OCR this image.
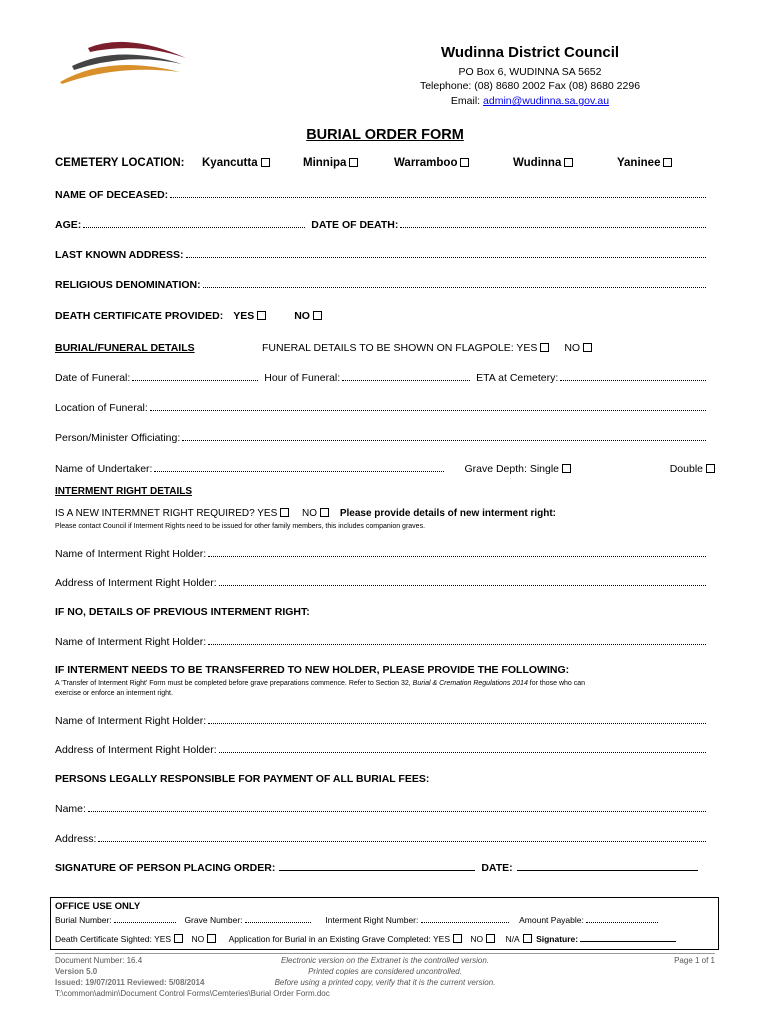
Wudinna District Council
PO Box 6, WUDINNA SA 5652
Telephone: (08) 8680 2002 Fax (08) 8680 2296
Email: admin@wudinna.sa.gov.au
BURIAL ORDER FORM
CEMETERY LOCATION: Kyancutta	Minnipa	Warramboo	Wudinna	Yaninee
NAME OF DECEASED:
AGE:	DATE OF DEATH:
LAST KNOWN ADDRESS:
RELIGIOUS DENOMINATION:
DEATH CERTIFICATE PROVIDED: YES	NO
BURIAL/FUNERAL DETAILS	FUNERAL DETAILS TO BE SHOWN ON FLAGPOLE: YES	NO
Date of Funeral:	Hour of Funeral:	ETA at Cemetery:
Location of Funeral:
Person/Minister Officiating:
Name of Undertaker:	Grave Depth: Single	Double
INTERMENT RIGHT DETAILS
IS A NEW INTERMNET RIGHT REQUIRED? YES NO Please provide details of new interment right:
Please contact Council if Interment Rights need to be issued for other family members, this includes companion graves.
Name of Interment Right Holder:
Address of Interment Right Holder:
IF NO, DETAILS OF PREVIOUS INTERMENT RIGHT:
Name of Interment Right Holder:
IF INTERMENT NEEDS TO BE TRANSFERRED TO NEW HOLDER, PLEASE PROVIDE THE FOLLOWING:
A 'Transfer of Interment Right' Form must be completed before grave preparations commence. Refer to Section 32, Burial & Cremation Regulations 2014 for those who can
exercise or enforce an interment right.
Name of Interment Right Holder:
Address of Interment Right Holder:
PERSONS LEGALLY RESPONSIBLE FOR PAYMENT OF ALL BURIAL FEES:
Name:
Address:
SIGNATURE OF PERSON PLACING ORDER:	DATE:
OFFICE USE ONLY
Burial Number:	Grave Number:	Interment Right Number:	Amount Payable:
Death Certificate Sighted: YES NO	Application for Burial in an Existing Grave Completed: YES NO	N/A Signature:
Document Number: 16.4
Version 5.0
Issued: 19/07/2011 Reviewed: 5/08/2014
T:\common\admin\Document Control Forms\Cemteries\Burial Order Form.doc
Electronic version on the Extranet is the controlled version.
Printed copies are considered uncontrolled.
Before using a printed copy, verify that it is the current version.
Page 1 of 1
